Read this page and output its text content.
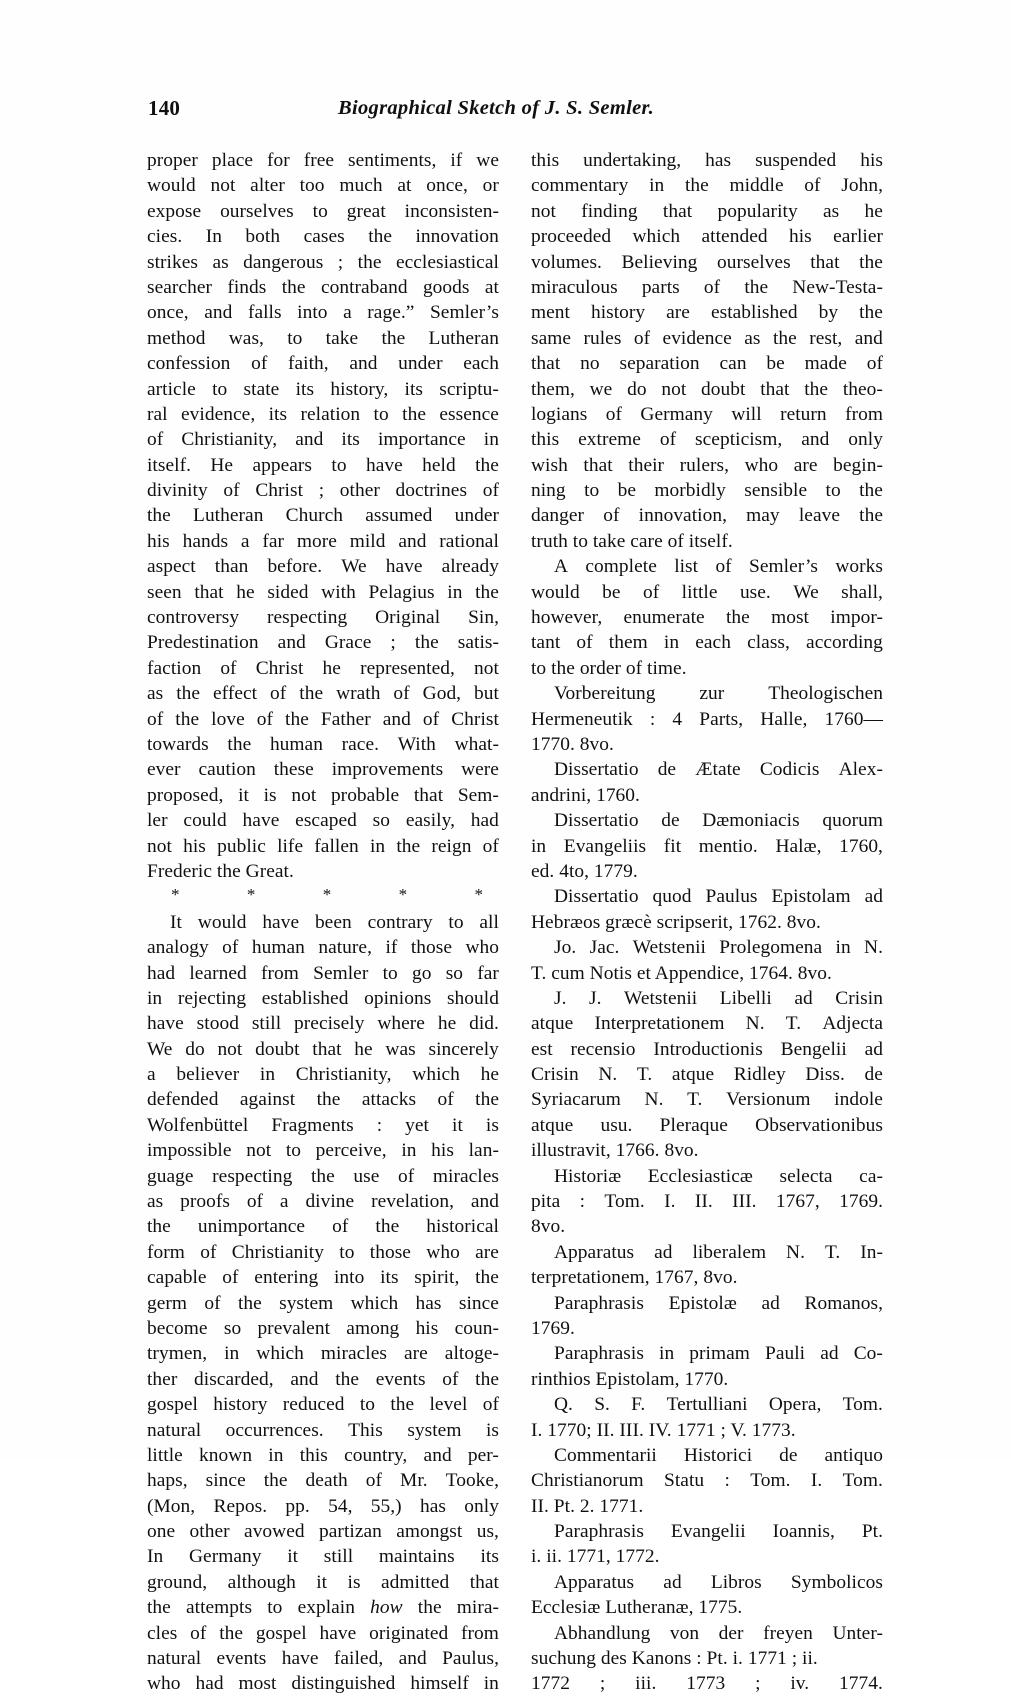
140	Biographical Sketch of J. S. Semler.
proper place for free sentiments, if we
would not alter too much at once, or
expose ourselves to great inconsisten-
cies. In both cases the innovation
strikes as dangerous ; the ecclesiastical
searcher finds the contraband goods at
once, and falls into a rage.” Semler’s
method was, to take the Lutheran
confession of faith, and under each
article to state its history, its scriptu-
ral evidence, its relation to the essence
of Christianity, and its importance in
itself. He appears to have held the
divinity of Christ ; other doctrines of
the Lutheran Church assumed under
his hands a far more mild and rational
aspect than before. We have already
seen that he sided with Pelagius in the
controversy respecting Original Sin,
Predestination and Grace ; the satis-
faction of Christ he represented, not
as the effect of the wrath of God, but
of the love of the Father and of Christ
towards the human race. With what-
ever caution these improvements were
proposed, it is not probable that Sem-
ler could have escaped so easily, had
not his public life fallen in the reign of
Frederic the Great.
*	*	*	*	*
It would have been contrary to all
analogy of human nature, if those who
had learned from Semler to go so far
in rejecting established opinions should
have stood still precisely where he did.
We do not doubt that he was sincerely
a believer in Christianity, which he
defended against the attacks of the
Wolfenbüttel Fragments : yet it is
impossible not to perceive, in his lan-
guage respecting the use of miracles
as proofs of a divine revelation, and
the unimportance of the historical
form of Christianity to those who are
capable of entering into its spirit, the
germ of the system which has since
become so prevalent among his coun-
trymen, in which miracles are altoge-
ther discarded, and the events of the
gospel history reduced to the level of
natural occurrences. This system is
little known in this country, and per-
haps, since the death of Mr. Tooke,
(Mon, Repos. pp. 54, 55,) has only
one other avowed partizan amongst us,
In Germany it still maintains its
ground, although it is admitted that
the attempts to explain how the mira-
cles of the gospel have originated from
natural events have failed, and Paulus,
who had most distinguished himself in
this undertaking, has suspended his
commentary in the middle of John,
not finding that popularity as he
proceeded which attended his earlier
volumes. Believing ourselves that the
miraculous parts of the New-Testa-
ment history are established by the
same rules of evidence as the rest, and
that no separation can be made of
them, we do not doubt that the theo-
logians of Germany will return from
this extreme of scepticism, and only
wish that their rulers, who are begin-
ning to be morbidly sensible to the
danger of innovation, may leave the
truth to take care of itself.
A complete list of Semler’s works
would be of little use. We shall,
however, enumerate the most impor-
tant of them in each class, according
to the order of time.
Vorbereitung zur Theologischen
Hermeneutik : 4 Parts, Halle, 1760—
1770. 8vo.
Dissertatio de Ætate Codicis Alex-
andrini, 1760.
Dissertatio de Dæmoniacis quorum
in Evangeliis fit mentio. Halæ, 1760,
ed. 4to, 1779.
Dissertatio quod Paulus Epistolam ad
Hebræos græcè scripserit, 1762. 8vo.
Jo. Jac. Wetstenii Prolegomena in N.
T. cum Notis et Appendice, 1764. 8vo.
J. J. Wetstenii Libelli ad Crisin
atque Interpretationem N. T. Adjecta
est recensio Introductionis Bengelii ad
Crisin N. T. atque Ridley Diss. de
Syriacarum N. T. Versionum indole
atque usu. Pleraque Observationibus
illustravit, 1766. 8vo.
Historiæ Ecclesiasticæ selecta ca-
pita : Tom. I. II. III. 1767, 1769.
8vo.
Apparatus ad liberalem N. T. In-
terpretationem, 1767, 8vo.
Paraphrasis Epistolæ ad Romanos,
1769.
Paraphrasis in primam Pauli ad Co-
rinthios Epistolam, 1770.
Q. S. F. Tertulliani Opera, Tom.
I. 1770; II. III. IV. 1771 ; V. 1773.
Commentarii Historici de antiquo
Christianorum Statu : Tom. I. Tom.
II. Pt. 2. 1771.
Paraphrasis Evangelii Ioannis, Pt.
i. ii. 1771, 1772.
Apparatus ad Libros Symbolicos
Ecclesiæ Lutheranæ, 1775.
Abhandlung von der freyen Unter-
suchung des Kanons : Pt. i. 1771 ; ii.
1772 ; iii. 1773 ; iv. 1774.
